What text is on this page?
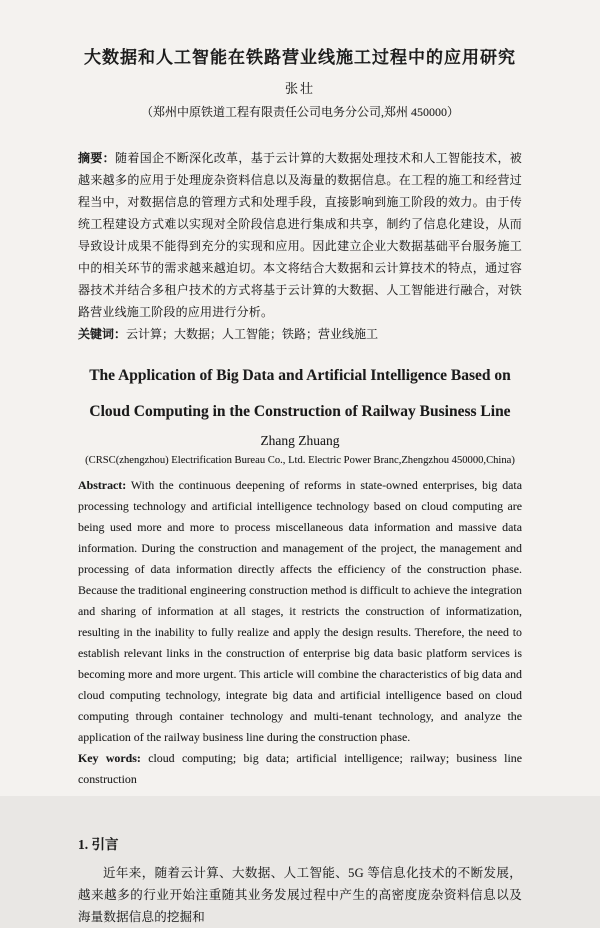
大数据和人工智能在铁路营业线施工过程中的应用研究
张壮
（郑州中原铁道工程有限责任公司电务分公司,郑州 450000）

摘要：随着国企不断深化改革，基于云计算的大数据处理技术和人工智能技术，被越来越多的应用于处理庞杂资料信息以及海量的数据信息。在工程的施工和经营过程当中，对数据信息的管理方式和处理手段，直接影响到施工阶段的效力。由于传统工程建设方式难以实现对全阶段信息进行集成和共享，制约了信息化建设，从而导致设计成果不能得到充分的实现和应用。因此建立企业大数据基础平台服务施工中的相关环节的需求越来越迫切。本文将结合大数据和云计算技术的特点，通过容器技术并结合多租户技术的方式将基于云计算的大数据、人工智能进行融合，对铁路营业线施工阶段的应用进行分析。

关键词：云计算；大数据；人工智能；铁路；营业线施工

The Application of Big Data and Artificial Intelligence Based on
Cloud Computing in the Construction of Railway Business Line
Zhang Zhuang
(CRSC(zhengzhou) Electrification Bureau Co., Ltd. Electric Power Branc,Zhengzhou 450000,China)

Abstract: With the continuous deepening of reforms in state-owned enterprises, big data processing technology and artificial intelligence technology based on cloud computing are being used more and more to process miscellaneous data information and massive data information. During the construction and management of the project, the management and processing of data information directly affects the efficiency of the construction phase. Because the traditional engineering construction method is difficult to achieve the integration and sharing of information at all stages, it restricts the construction of informatization, resulting in the inability to fully realize and apply the design results. Therefore, the need to establish relevant links in the construction of enterprise big data basic platform services is becoming more and more urgent. This article will combine the characteristics of big data and cloud computing technology, integrate big data and artificial intelligence based on cloud computing through container technology and multi-tenant technology, and analyze the application of the railway business line during the construction phase.

Key words: cloud computing; big data; artificial intelligence; railway; business line construction

1. 引言

近年来，随着云计算、大数据、人工智能、5G 等信息化技术的不断发展，越来越多的行业开始注重随其业务发展过程中产生的高密度庞杂资料信息以及海量数据信息的挖掘和
